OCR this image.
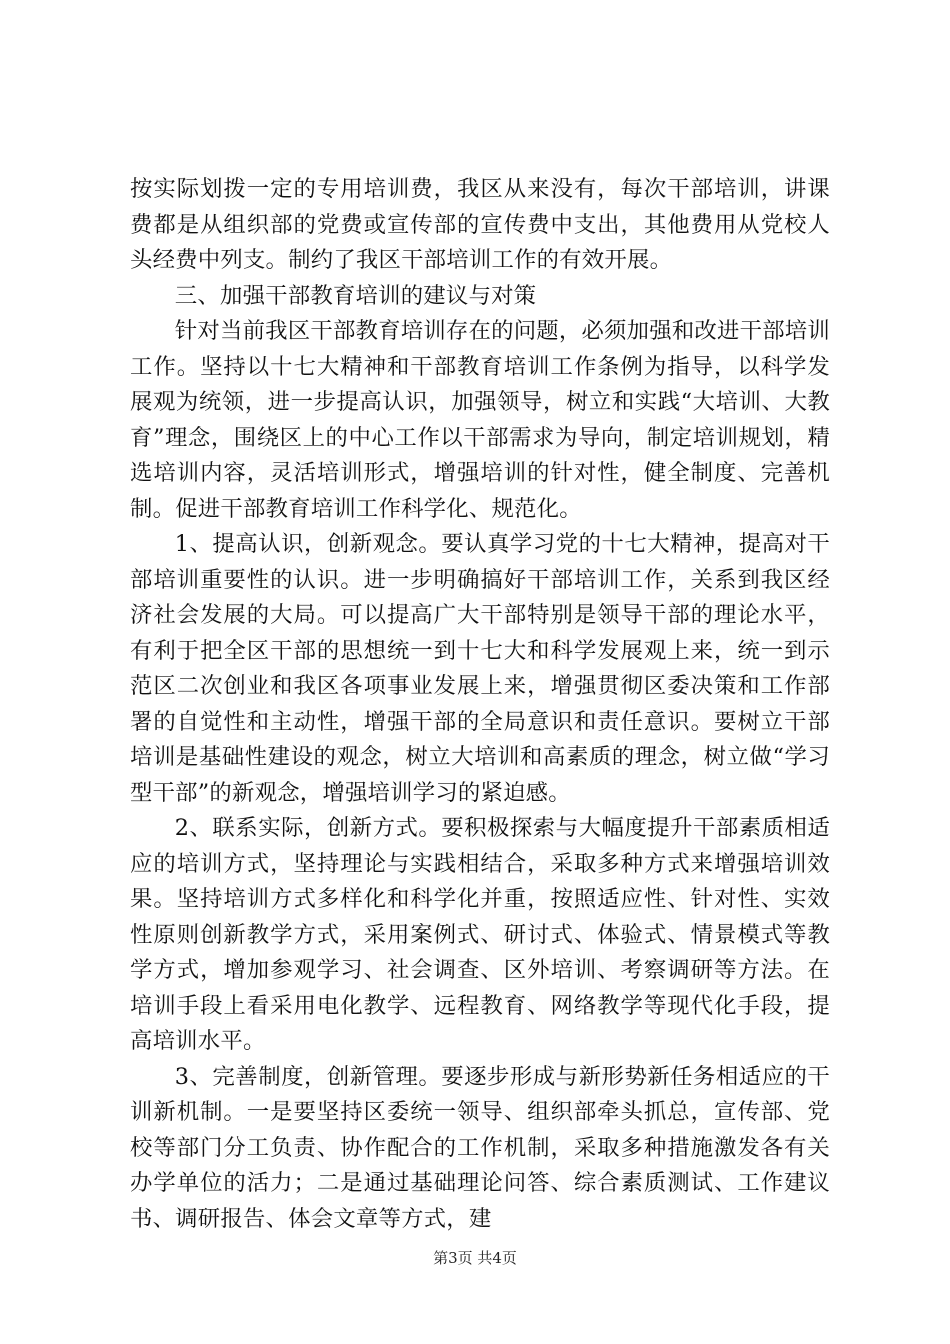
按实际划拨一定的专用培训费，我区从来没有，每次干部培训，讲课费都是从组织部的党费或宣传部的宣传费中支出，其他费用从党校人头经费中列支。制约了我区干部培训工作的有效开展。

三、加强干部教育培训的建议与对策

针对当前我区干部教育培训存在的问题，必须加强和改进干部培训工作。坚持以十七大精神和干部教育培训工作条例为指导，以科学发展观为统领，进一步提高认识，加强领导，树立和实践“大培训、大教育”理念，围绕区上的中心工作以干部需求为导向，制定培训规划，精选培训内容，灵活培训形式，增强培训的针对性，健全制度、完善机制。促进干部教育培训工作科学化、规范化。

1、提高认识，创新观念。要认真学习党的十七大精神，提高对干部培训重要性的认识。进一步明确搞好干部培训工作，关系到我区经济社会发展的大局。可以提高广大干部特别是领导干部的理论水平，有利于把全区干部的思想统一到十七大和科学发展观上来，统一到示范区二次创业和我区各项事业发展上来，增强贯彻区委决策和工作部署的自觉性和主动性，增强干部的全局意识和责任意识。要树立干部培训是基础性建设的观念，树立大培训和高素质的理念，树立做“学习型干部”的新观念，增强培训学习的紧迫感。

2、联系实际，创新方式。要积极探索与大幅度提升干部素质相适应的培训方式，坚持理论与实践相结合，采取多种方式来增强培训效果。坚持培训方式多样化和科学化并重，按照适应性、针对性、实效性原则创新教学方式，采用案例式、研讨式、体验式、情景模式等教学方式，增加参观学习、社会调查、区外培训、考察调研等方法。在培训手段上看采用电化教学、远程教育、网络教学等现代化手段，提高培训水平。

3、完善制度，创新管理。要逐步形成与新形势新任务相适应的干训新机制。一是要坚持区委统一领导、组织部牵头抓总，宣传部、党校等部门分工负责、协作配合的工作机制，采取多种措施激发各有关办学单位的活力；二是通过基础理论问答、综合素质测试、工作建议书、调研报告、体会文章等方式，建

第3页 共4页
